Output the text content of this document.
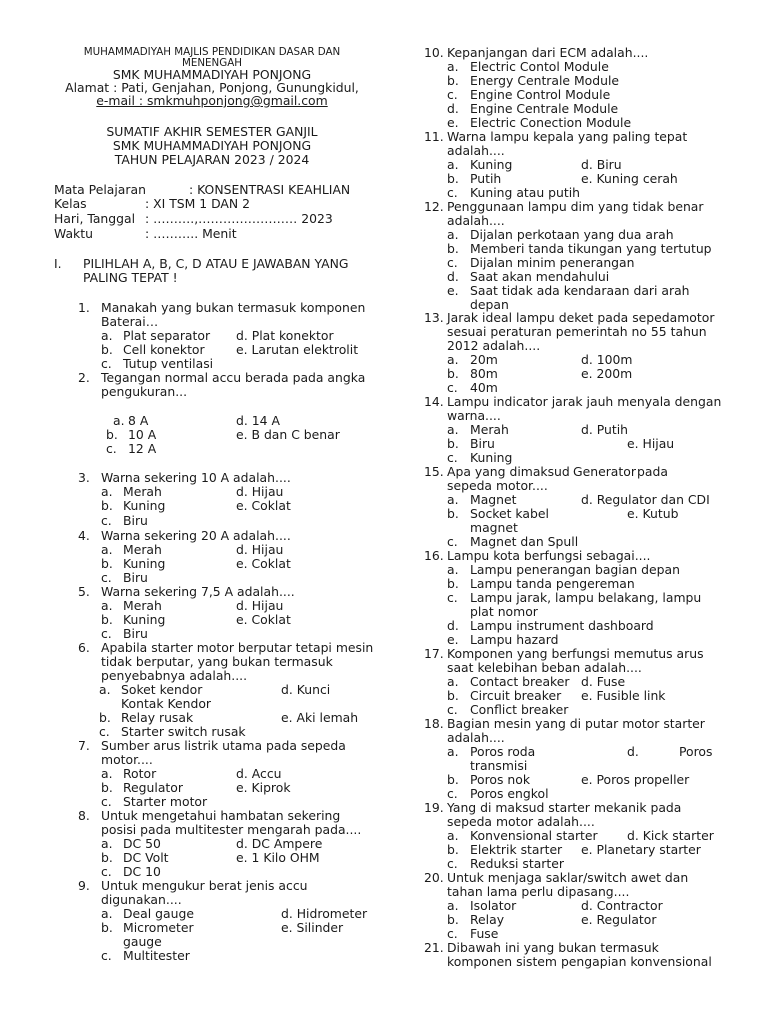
MUHAMMADIYAH MAJLIS PENDIDIKAN DASAR DAN
MENENGAH
SMK MUHAMMADIYAH PONJONG
Alamat : Pati, Genjahan, Ponjong, Gunungkidul,
e-mail : smkmuhponjong@gmail.com
SUMATIF AKHIR SEMESTER GANJIL
SMK MUHAMMADIYAH PONJONG
TAHUN PELAJARAN 2023 / 2024
Mata Pelajaran	: KONSENTRASI KEAHLIAN
Kelas	: XI TSM 1 DAN 2
Hari, Tanggal : ……….,…………………… 2023
Waktu	: ……….. Menit
I. PILIHLAH A, B, C, D ATAU E JAWABAN YANG
PALING TEPAT !
1. Manakah yang bukan termasuk komponen
Baterai…
a. Plat separator d. Plat konektor
b. Cell konektor	e. Larutan elektrolit
c. Tutup ventilasi
2. Tegangan normal accu berada pada angka
pengukuran...
a. 8 A	d. 14 A
b. 10 A	e. B dan C benar
c. 12 A
3. Warna sekering 10 A adalah....
a. Merah	d. Hijau
b. Kuning	e. Coklat
c. Biru
4. Warna sekering 20 A adalah....
a. Merah	d. Hijau
b. Kuning	e. Coklat
c. Biru
5. Warna sekering 7,5 A adalah....
a. Merah	d. Hijau
b. Kuning	e. Coklat
c. Biru
6. Apabila starter motor berputar tetapi mesin
tidak berputar, yang bukan termasuk
penyebabnya adalah....
a. Soket kendor	d. Kunci
Kontak Kendor
b. Relay rusak	e. Aki lemah
c. Starter switch rusak
7. Sumber arus listrik utama pada sepeda
motor....
a. Rotor	d. Accu
b. Regulator	e. Kiprok
c. Starter motor
8. Untuk mengetahui hambatan sekering
posisi pada multitester mengarah pada....
a. DC 50	d. DC Ampere
b. DC Volt	e. 1 Kilo OHM
c. DC 10
9. Untuk mengukur berat jenis accu
digunakan....
a. Deal gauge	d. Hidrometer
b. Micrometer	e. Silinder
gauge
c. Multitester
10. Kepanjangan dari ECM adalah....
a. Electric Contol Module
b. Energy Centrale Module
c. Engine Control Module
d. Engine Centrale Module
e. Electric Conection Module
11. Warna lampu kepala yang paling tepat
adalah....
a. Kuning	d. Biru
b. Putih	e. Kuning cerah
c. Kuning atau putih
12. Penggunaan lampu dim yang tidak benar
adalah....
a. Dijalan perkotaan yang dua arah
b. Memberi tanda tikungan yang tertutup
c. Dijalan minim penerangan
d. Saat akan mendahului
e. Saat tidak ada kendaraan dari arah
depan
13. Jarak ideal lampu deket pada sepedamotor
sesuai peraturan pemerintah no 55 tahun
2012 adalah....
a. 20m	d. 100m
b. 80m	e. 200m
c. 40m
14. Lampu indicator jarak jauh menyala dengan
warna....
a. Merah	d. Putih
b. Biru	e. Hijau
c. Kuning
15. Apa yang dimaksud Generator pada
sepeda motor....
a. Magnet	d. Regulator dan CDI
b. Socket kabel	e. Kutub
magnet
c. Magnet dan Spull
16. Lampu kota berfungsi sebagai....
a. Lampu penerangan bagian depan
b. Lampu tanda pengereman
c. Lampu jarak, lampu belakang, lampu
plat nomor
d. Lampu instrument dashboard
e. Lampu hazard
17. Komponen yang berfungsi memutus arus
saat kelebihan beban adalah....
a. Contact breaker d. Fuse
b. Circuit breaker e. Fusible link
c. Conflict breaker
18. Bagian mesin yang di putar motor starter
adalah....
a. Poros roda	d.	Poros
transmisi
b. Poros nok	e. Poros propeller
c. Poros engkol
19. Yang di maksud starter mekanik pada
sepeda motor adalah....
a. Konvensional starter d. Kick starter
b. Elektrik starter e. Planetary starter
c. Reduksi starter
20. Untuk menjaga saklar/switch awet dan
tahan lama perlu dipasang....
a. Isolator	d. Contractor
b. Relay	e. Regulator
c. Fuse
21. Dibawah ini yang bukan termasuk
komponen sistem pengapian konvensional
